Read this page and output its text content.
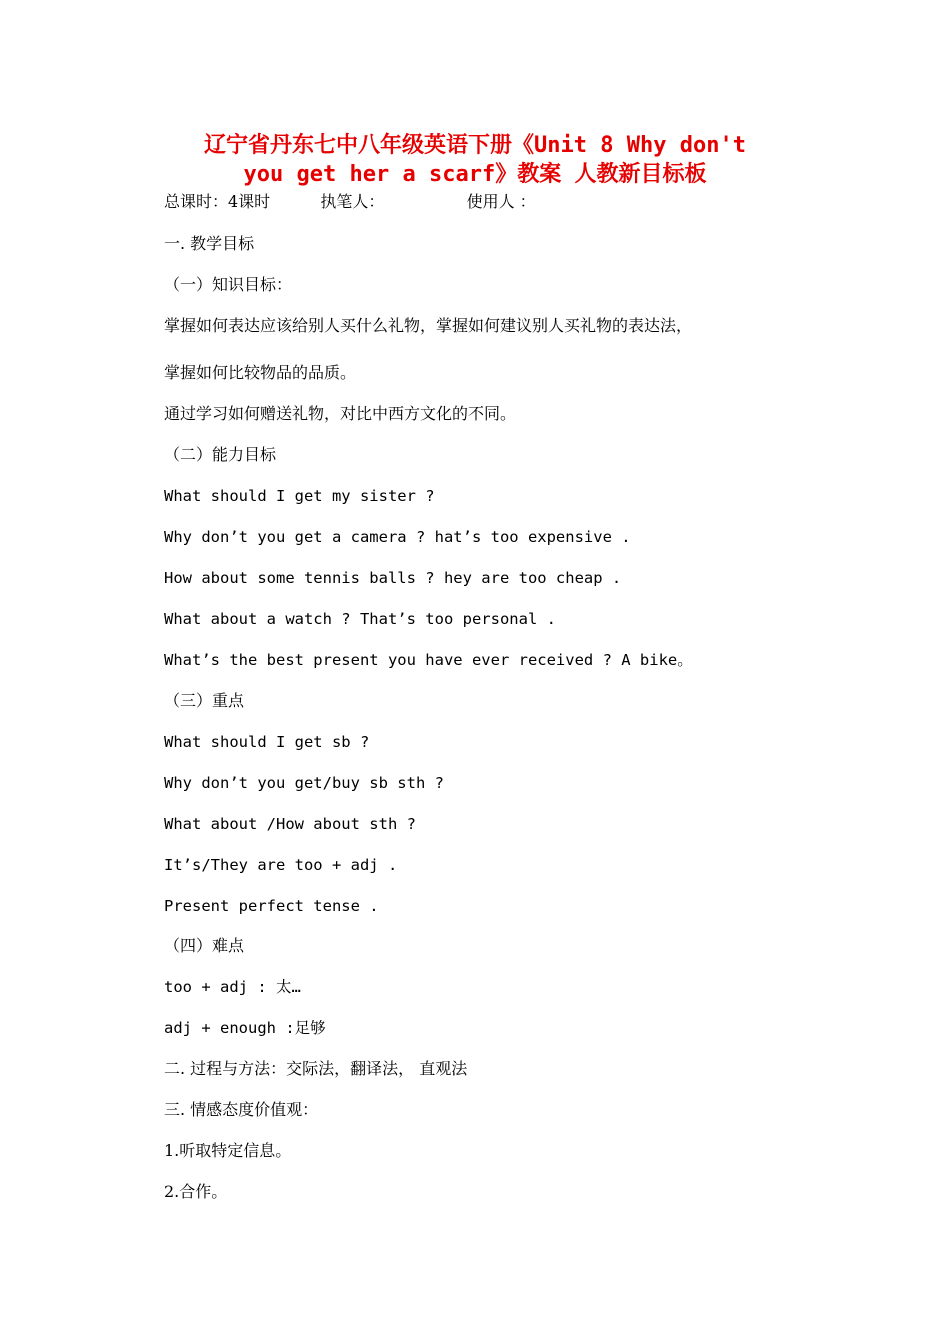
辽宁省丹东七中八年级英语下册《Unit 8 Why don't
you get her a scarf》教案 人教新目标板
总课时：4课时	执笔人：	使用人 ：
一. 教学目标
（一）知识目标：
掌握如何表达应该给别人买什么礼物，掌握如何建议别人买礼物的表达法，
掌握如何比较物品的品质。
通过学习如何赠送礼物，对比中西方文化的不同。
（二）能力目标
What should I get my sister ?
Why don’t you get a camera ? hat’s too expensive .
How about some tennis balls ? hey are too cheap .
What about a watch ? That’s too personal .
What’s the best present you have ever received ? A bike。
（三）重点
What should I get sb ?
Why don’t you get/buy sb sth ?
What about /How about sth ?
It’s/They are too + adj .
Present perfect tense .
（四）难点
too + adj : 太…
adj + enough :足够
二. 过程与方法：交际法，翻译法， 直观法
三. 情感态度价值观：
1.听取特定信息。
2.合作。
